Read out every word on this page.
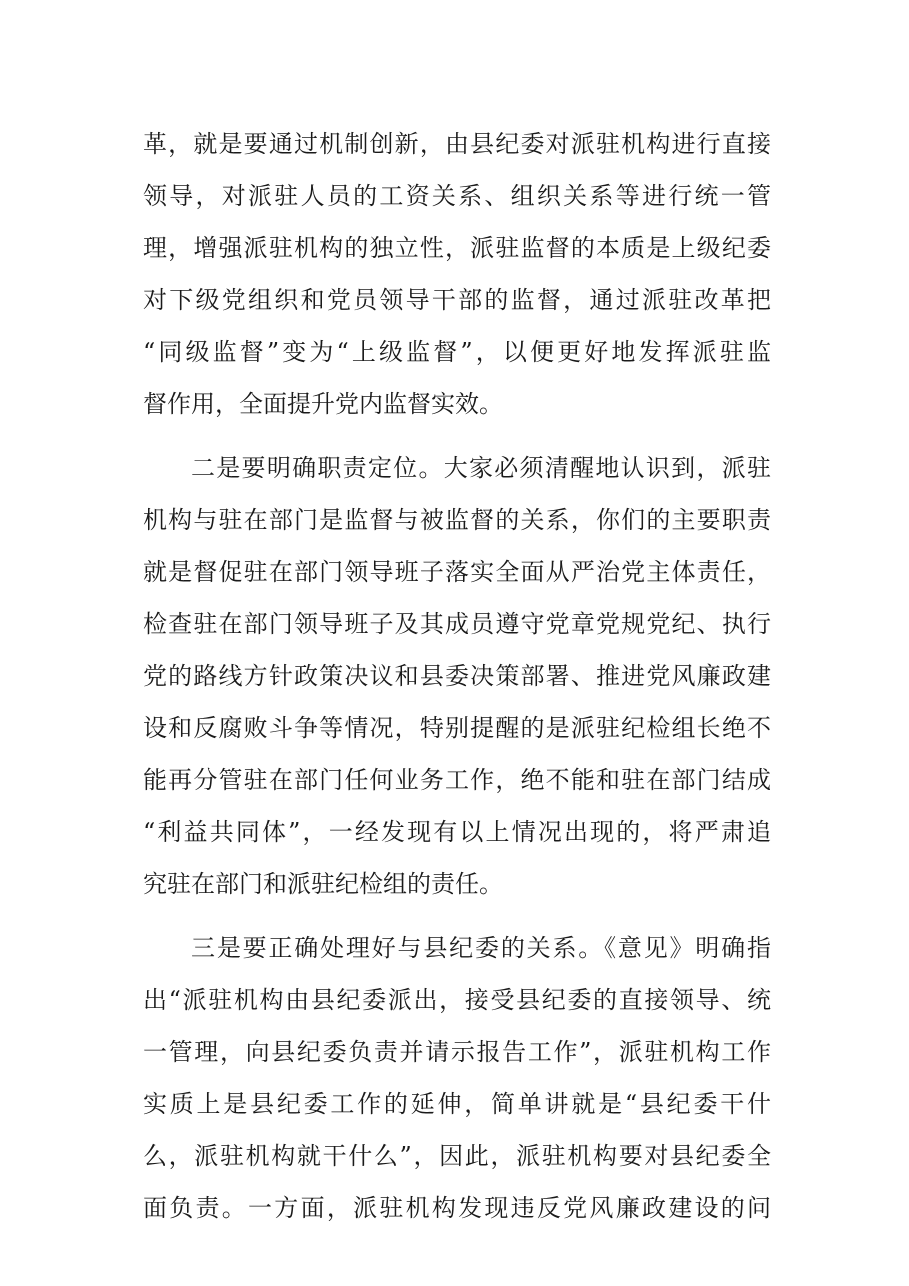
革，就是要通过机制创新，由县纪委对派驻机构进行直接
领导，对派驻人员的工资关系、组织关系等进行统一管
理，增强派驻机构的独立性，派驻监督的本质是上级纪委
对下级党组织和党员领导干部的监督，通过派驻改革把
“同级监督”变为“上级监督”，以便更好地发挥派驻监
督作用，全面提升党内监督实效。
二是要明确职责定位。大家必须清醒地认识到，派驻
机构与驻在部门是监督与被监督的关系，你们的主要职责
就是督促驻在部门领导班子落实全面从严治党主体责任，
检查驻在部门领导班子及其成员遵守党章党规党纪、执行
党的路线方针政策决议和县委决策部署、推进党风廉政建
设和反腐败斗争等情况，特别提醒的是派驻纪检组长绝不
能再分管驻在部门任何业务工作，绝不能和驻在部门结成
“利益共同体”，一经发现有以上情况出现的，将严肃追
究驻在部门和派驻纪检组的责任。
三是要正确处理好与县纪委的关系。《意见》明确指
出“派驻机构由县纪委派出，接受县纪委的直接领导、统
一管理，向县纪委负责并请示报告工作”，派驻机构工作
实质上是县纪委工作的延伸，简单讲就是“县纪委干什
么，派驻机构就干什么”，因此，派驻机构要对县纪委全
面负责。一方面，派驻机构发现违反党风廉政建设的问
